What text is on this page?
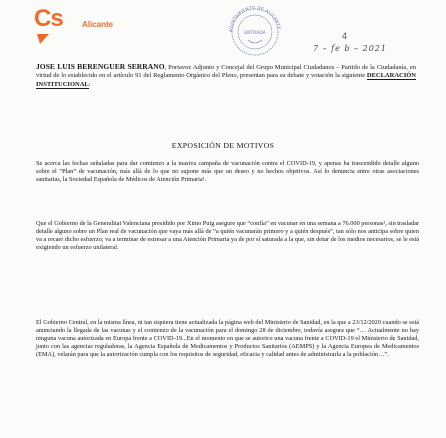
Cs Alicante
AYUNTAMIENTO DE ALICANTE
ENTRADA	4
7 – fe b – 2021
JOSE LUIS BERENGUER SERRANO, Portavoz Adjunto y Concejal del Grupo Municipal Ciudadanos – Partido de la Ciudadanía, en virtud de lo establecido en el artículo 91 del Reglamento Orgánico del Pleno, presentan para su debate y votación la siguiente DECLARACIÓN INSTITUCIONAL:
EXPOSICIÓN DE MOTIVOS

Se acerca las fechas señaladas para dar comienzo a la masiva campaña de vacunación contra el COVID-19, y apenas ha trascendido detalle alguno sobre el “Plan” de vacunación, más allá de lo que no supone más que un deseo y no hechos objetivos. Así lo denuncia entre otras asociaciones sanitarias, la Sociedad Española de Médicos de Atención Primaria¹.

Que el Gobierno de la Generalitat Valenciana presidido por Ximo Puig asegure que “confía” en vacunar en una semana a 76.000 personas², sin trasladar detalle alguno sobre un Plan real de vacunación que vaya más allá de “a quién vacunarán primero y a quién después”, tan sólo nos anticipa sobre quien va a recaer dicho esfuerzo; va a terminar de estresar a una Atención Primaria ya de por sí saturada a la que, sin dotar de los medios necesarios, se le está exigiendo un esfuerzo unilateral.

El Gobierno Central, en la misma línea, ni tan siquiera tiene actualizada la página web del Ministerio de Sanidad, en la que a 23/12/2020 cuando se está anunciando la llegada de las vacunas y el comienzo de la vacunación para el domingo 28 de diciembre, todavía asegura que “… Actualmente no hay ninguna vacuna autorizada en Europa frente a COVID-19...En el momento en que se autorice una vacuna frente a COVID-19 el Ministerio de Sanidad, junto con las agencias reguladoras, la Agencia Española de Medicamentos y Productos Sanitarios (AEMPS) y la Agencia Europea de Medicamentos (EMA), velarán para que la autorización cumpla con los requisitos de seguridad, eficacia y calidad antes de administrarla a la población…”.
